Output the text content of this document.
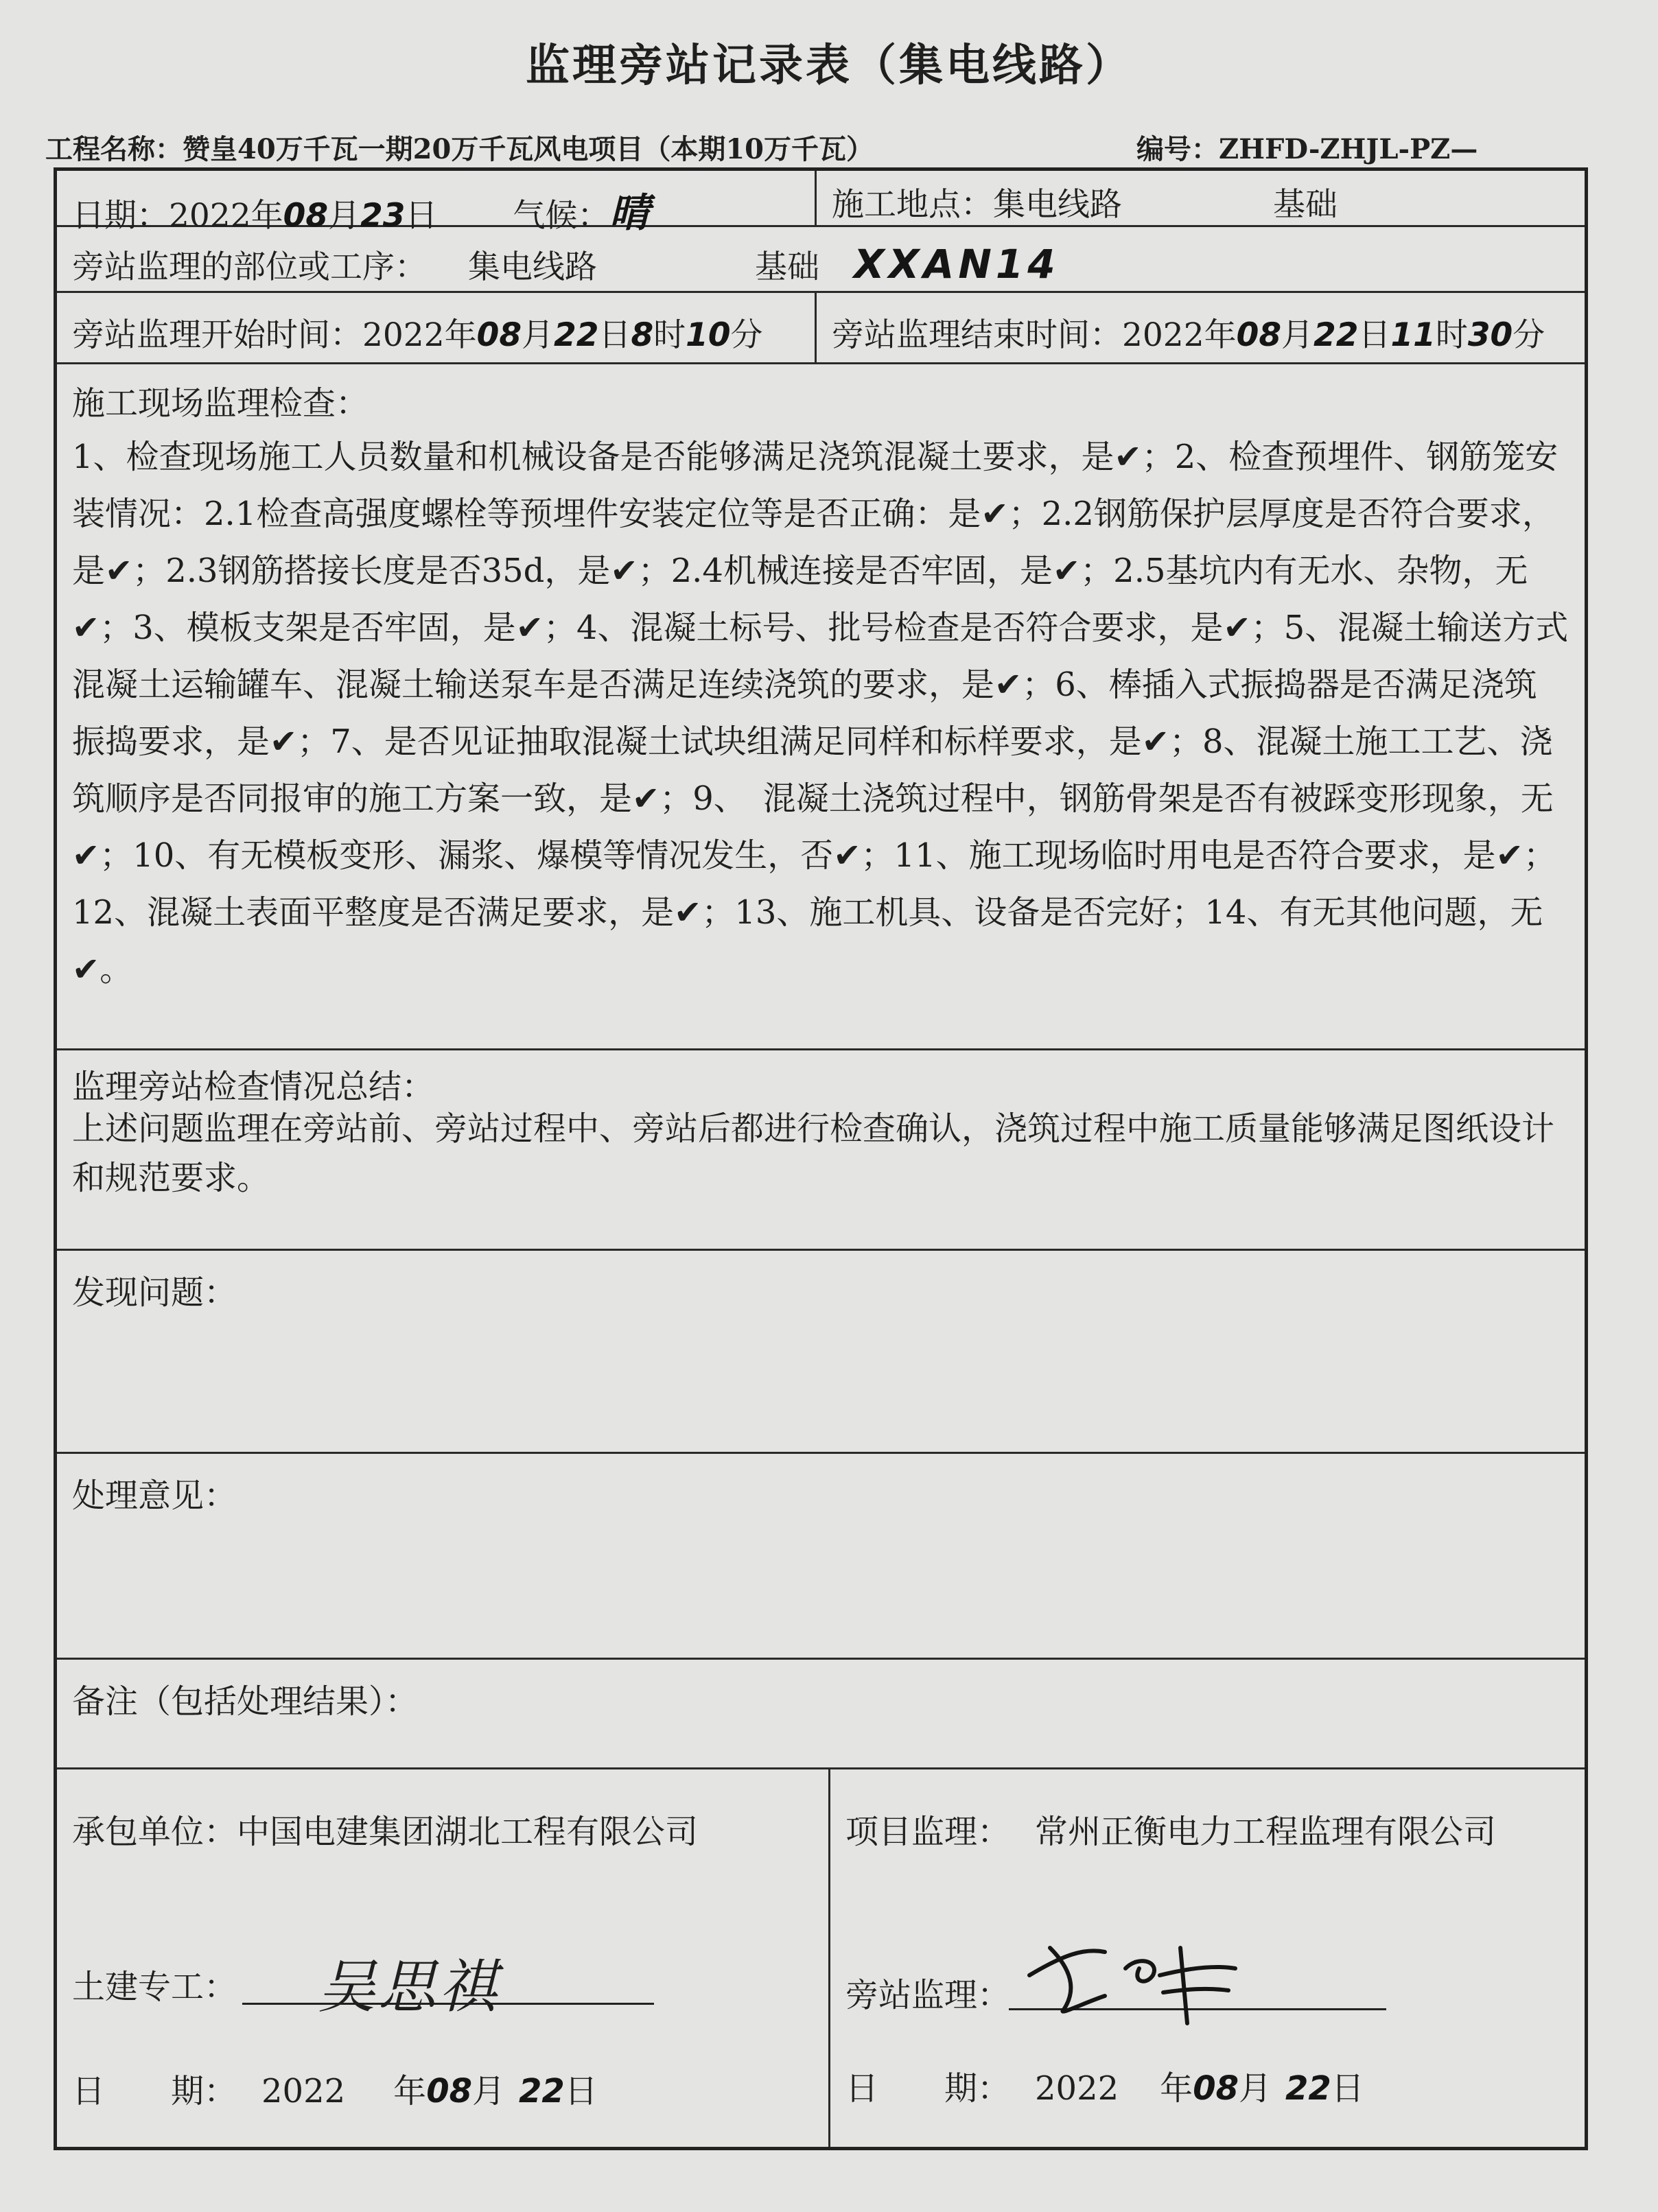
监理旁站记录表（集电线路）
工程名称：赞皇40万千瓦一期20万千瓦风电项目（本期10万千瓦）	编号：ZHFD-ZHJL-PZ—
日期：2022年08月23日 气候：晴	施工地点：集电线路	基础
旁站监理的部位或工序： 集电线路	基础 XXAN14
旁站监理开始时间：2022年08月22日8时10分	旁站监理结束时间：2022年08月22日11时30分
施工现场监理检查：
1、检查现场施工人员数量和机械设备是否能够满足浇筑混凝土要求，是✔；2、检查预埋件、钢筋笼安装情况：2.1检查高强度螺栓等预埋件安装定位等是否正确：是✔；2.2钢筋保护层厚度是否符合要求，是✔；2.3钢筋搭接长度是否35d，是✔；2.4机械连接是否牢固，是✔；2.5基坑内有无水、杂物，无✔；3、模板支架是否牢固，是✔；4、混凝土标号、批号检查是否符合要求，是✔；5、混凝土输送方式混凝土运输罐车、混凝土输送泵车是否满足连续浇筑的要求，是✔；6、棒插入式振捣器是否满足浇筑振捣要求，是✔；7、是否见证抽取混凝土试块组满足同样和标样要求，是✔；8、混凝土施工工艺、浇筑顺序是否同报审的施工方案一致，是✔；9、　混凝土浇筑过程中，钢筋骨架是否有被踩变形现象，无✔；10、有无模板变形、漏浆、爆模等情况发生，否✔；11、施工现场临时用电是否符合要求，是✔；12、混凝土表面平整度是否满足要求，是✔；13、施工机具、设备是否完好；14、有无其他问题，无✔。
监理旁站检查情况总结：
上述问题监理在旁站前、旁站过程中、旁站后都进行检查确认，浇筑过程中施工质量能够满足图纸设计和规范要求。
发现问题：
处理意见：
备注（包括处理结果）：
承包单位：中国电建集团湖北工程有限公司
土建专工： 吴思祺
日　　期： 2022 年08月 22日
项目监理： 常州正衡电力工程监理有限公司
旁站监理：
日　　期： 2022 年08月 22日
